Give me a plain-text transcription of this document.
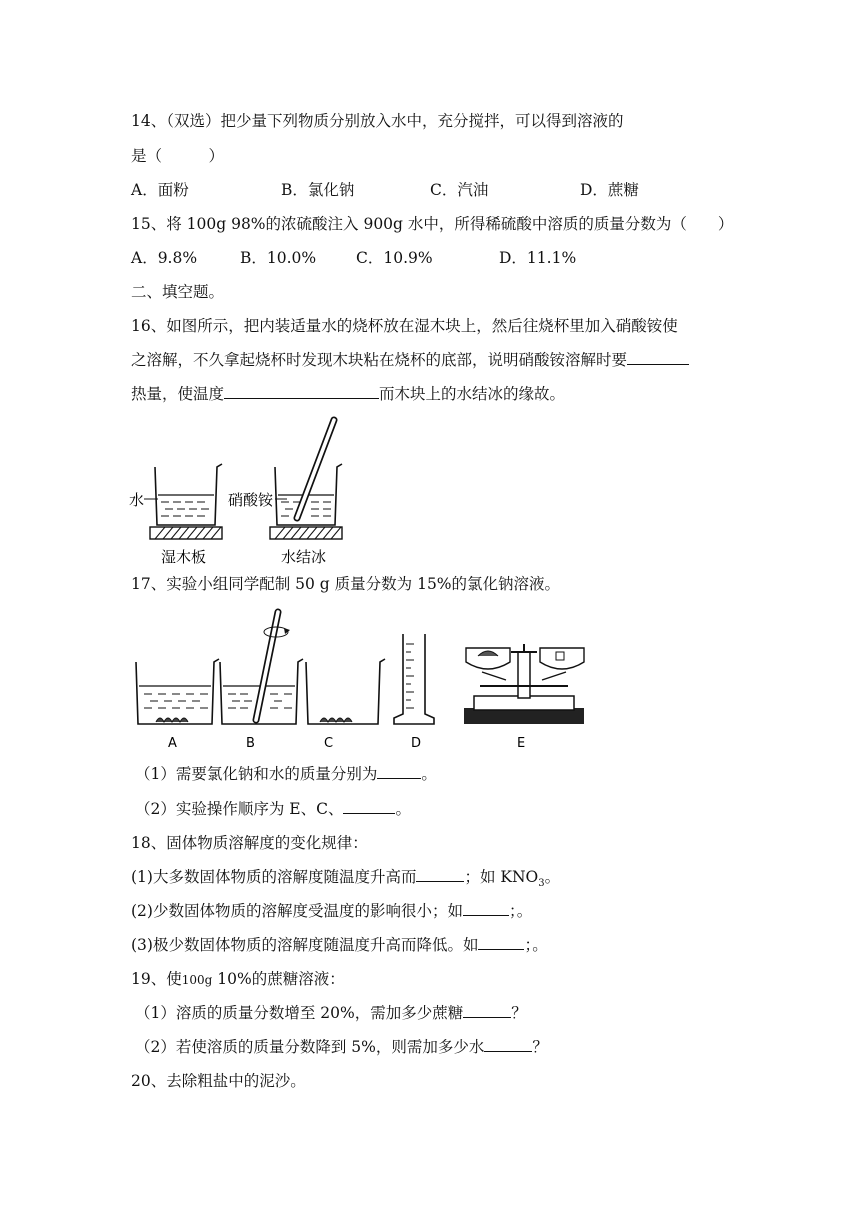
14、（双选）把少量下列物质分别放入水中，充分搅拌，可以得到溶液的
是（　　　）
A．面粉	B．氯化钠	C．汽油	D．蔗糖
15、将 100g 98%的浓硫酸注入 900g 水中，所得稀硫酸中溶质的质量分数为（　　）
A．9.8%	B．10.0%	C．10.9%	D．11.1%
二、填空题。
16、如图所示，把内装适量水的烧杯放在湿木块上，然后往烧杯里加入硝酸铵使
之溶解，不久拿起烧杯时发现木块粘在烧杯的底部，说明硝酸铵溶解时要
热量，使温度	而木块上的水结冰的缘故。
水
湿木板
硝酸铵
水结冰
17、实验小组同学配制 50 g 质量分数为 15%的氯化钠溶液。
A	B	C	D	E
（1）需要氯化钠和水的质量分别为	。
（2）实验操作顺序为 E、C、	。
18、固体物质溶解度的变化规律：
(1)大多数固体物质的溶解度随温度升高而	；如 $KNO_3$。
(2)少数固体物质的溶解度受温度的影响很小；如	；。
(3)极少数固体物质的溶解度随温度升高而降低。如	；。
19、使100g 10%的蔗糖溶液：
（1）溶质的质量分数增至 20%，需加多少蔗糖	？
（2）若使溶质的质量分数降到 5%，则需加多少水	？
20、去除粗盐中的泥沙。
